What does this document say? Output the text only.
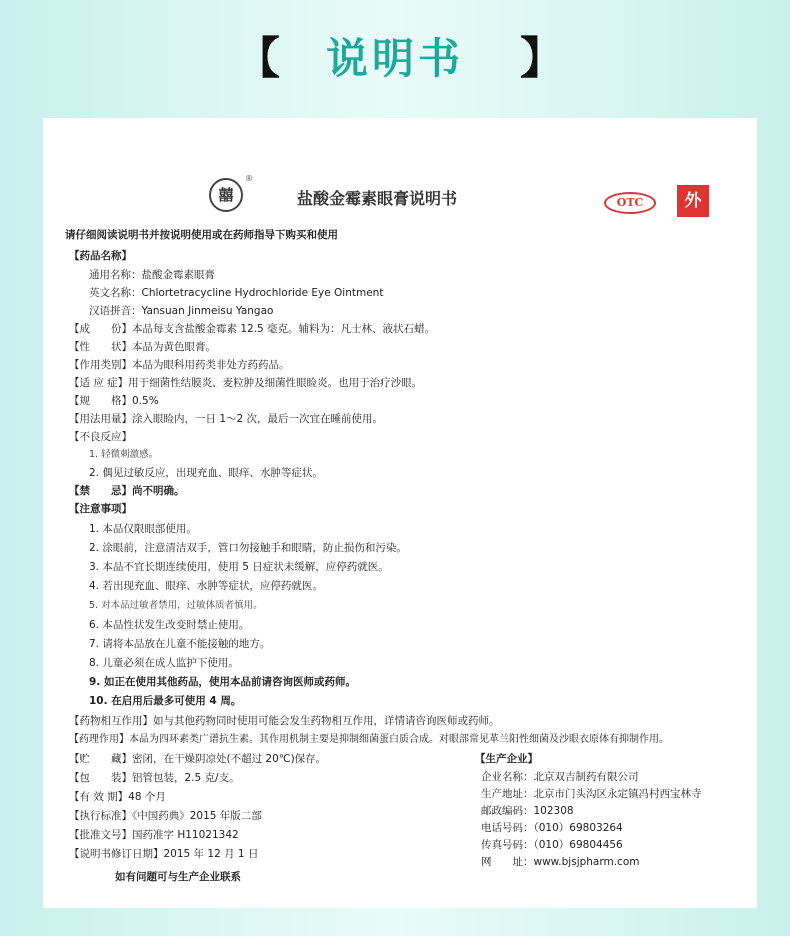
【	说明书	】
囍
®
盐酸金霉素眼膏说明书	OTC	外
请仔细阅读说明书并按说明使用或在药师指导下购买和使用
【药品名称】
通用名称：盐酸金霉素眼膏
英文名称：Chlortetracycline Hydrochloride Eye Ointment
汉语拼音：Yansuan Jinmeisu Yangao
【成　　份】本品每支含盐酸金霉素 12.5 毫克。辅料为：凡士林、液状石蜡。
【性　　状】本品为黄色眼膏。
【作用类别】本品为眼科用药类非处方药药品。
【适 应 症】用于细菌性结膜炎、麦粒肿及细菌性眼睑炎。也用于治疗沙眼。
【规　　格】0.5%
【用法用量】涂入眼睑内，一日 1～2 次，最后一次宜在睡前使用。
【不良反应】
1. 轻微刺激感。
2. 偶见过敏反应，出现充血、眼痒、水肿等症状。
【禁　　忌】尚不明确。
【注意事项】
1. 本品仅限眼部使用。
2. 涂眼前，注意清洁双手，管口勿接触手和眼睛，防止损伤和污染。
3. 本品不宜长期连续使用，使用 5 日症状未缓解，应停药就医。
4. 若出现充血、眼痒、水肿等症状，应停药就医。
5. 对本品过敏者禁用，过敏体质者慎用。
6. 本品性状发生改变时禁止使用。
7. 请将本品放在儿童不能接触的地方。
8. 儿童必须在成人监护下使用。
9. 如正在使用其他药品，使用本品前请咨询医师或药师。
10. 在启用后最多可使用 4 周。
【药物相互作用】如与其他药物同时使用可能会发生药物相互作用，详情请咨询医师或药师。
【药理作用】本品为四环素类广谱抗生素。其作用机制主要是抑制细菌蛋白质合成。对眼部常见革兰阳性细菌及沙眼衣原体有抑制作用。
【贮　　藏】密闭，在干燥阴凉处(不超过 20℃)保存。
【包　　装】铝管包装，2.5 克/支。
【有 效 期】48 个月
【执行标准】《中国药典》2015 年版二部
【批准文号】国药准字 H11021342
【说明书修订日期】2015 年 12 月 1 日
如有问题可与生产企业联系
【生产企业】
企业名称：北京双吉制药有限公司
生产地址：北京市门头沟区永定镇冯村西宝林寺
邮政编码：102308
电话号码：（010）69803264
传真号码：（010）69804456
网　　址：www.bjsjpharm.com
